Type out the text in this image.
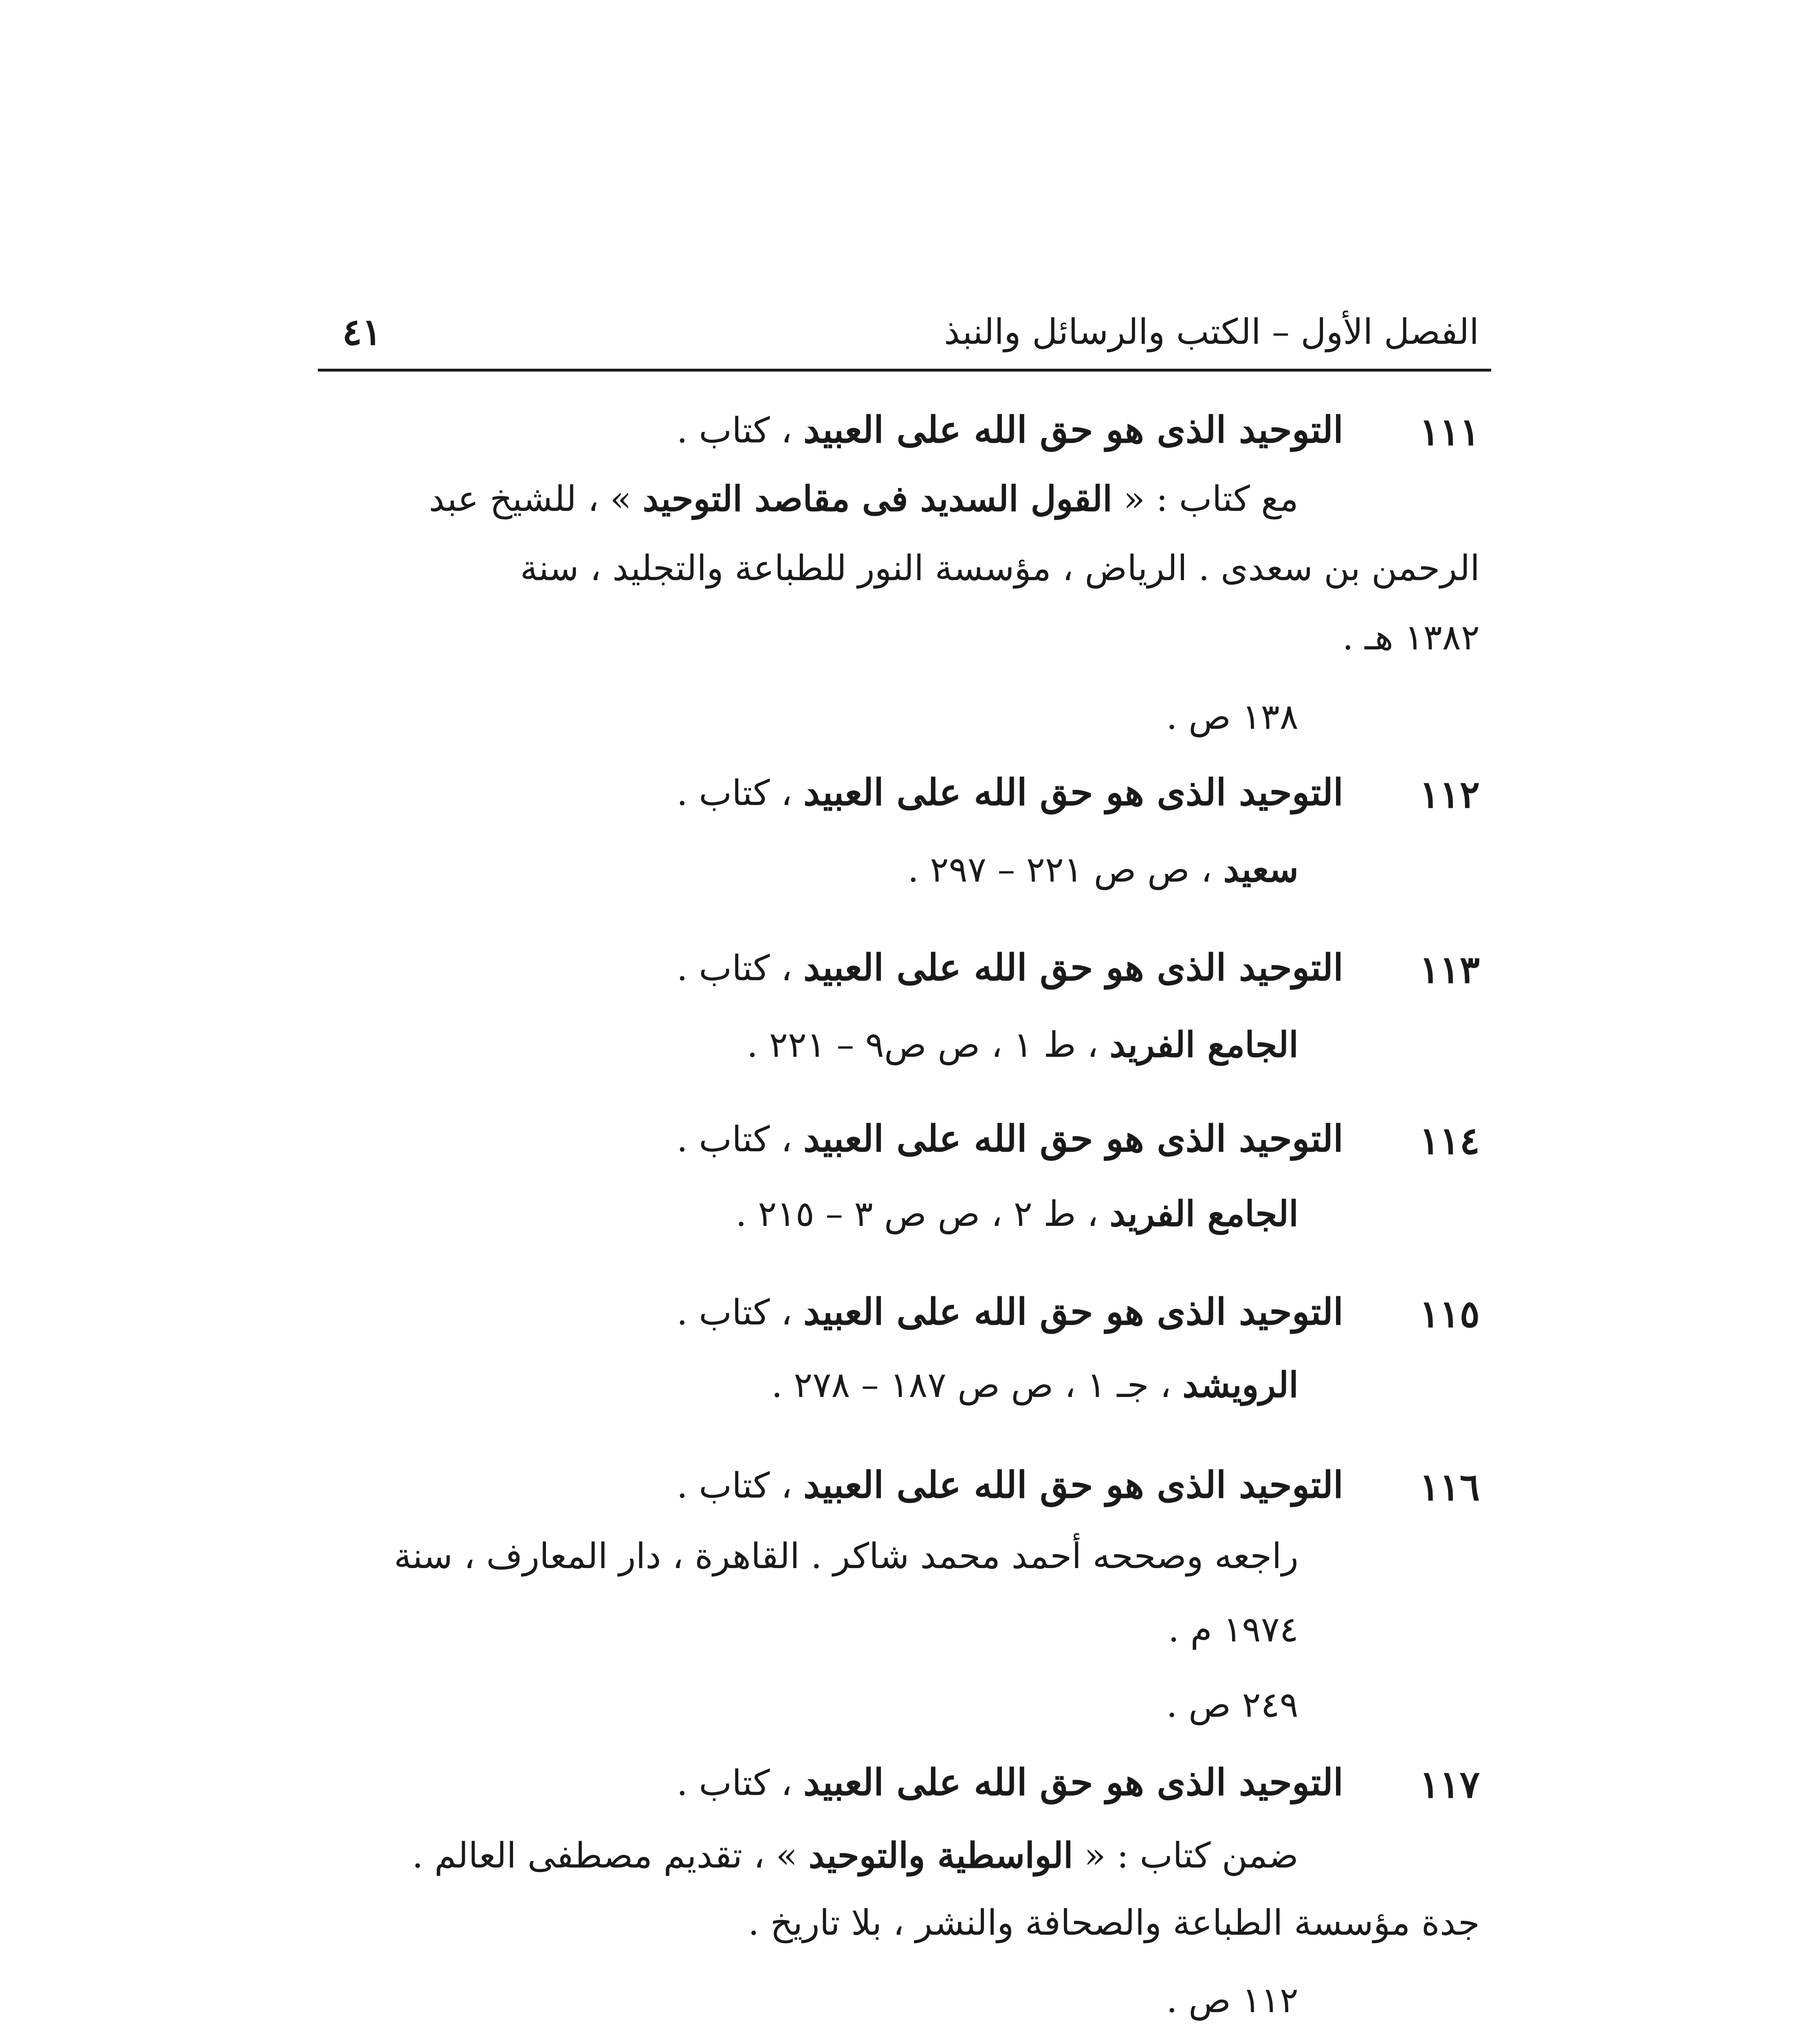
الفصل الأول – الكتب والرسائل والنبذ
٤١
١١١
التوحيد الذى هو حق الله على العبيد ، كتاب .
مع كتاب : « القول السديد فى مقاصد التوحيد » ، للشيخ عبد
الرحمن بن سعدى . الرياض ، مؤسسة النور للطباعة والتجليد ، سنة
١٣٨٢ هـ .
١٣٨ ص .
١١٢
التوحيد الذى هو حق الله على العبيد ، كتاب .
سعيد ، ص ص ٢٢١ – ٢٩٧ .
١١٣
التوحيد الذى هو حق الله على العبيد ، كتاب .
الجامع الفريد ، ط ١ ، ص ص٩ – ٢٢١ .
١١٤
التوحيد الذى هو حق الله على العبيد ، كتاب .
الجامع الفريد ، ط ٢ ، ص ص ٣ – ٢١٥ .
١١٥
التوحيد الذى هو حق الله على العبيد ، كتاب .
الرويشد ، جـ ١ ، ص ص ١٨٧ – ٢٧٨ .
١١٦
التوحيد الذى هو حق الله على العبيد ، كتاب .
راجعه وصححه أحمد محمد شاكر . القاهرة ، دار المعارف ، سنة
١٩٧٤ م .
٢٤٩ ص .
١١٧
التوحيد الذى هو حق الله على العبيد ، كتاب .
ضمن كتاب : « الواسطية والتوحيد » ، تقديم مصطفى العالم .
جدة مؤسسة الطباعة والصحافة والنشر ، بلا تاريخ .
١١٢ ص .
